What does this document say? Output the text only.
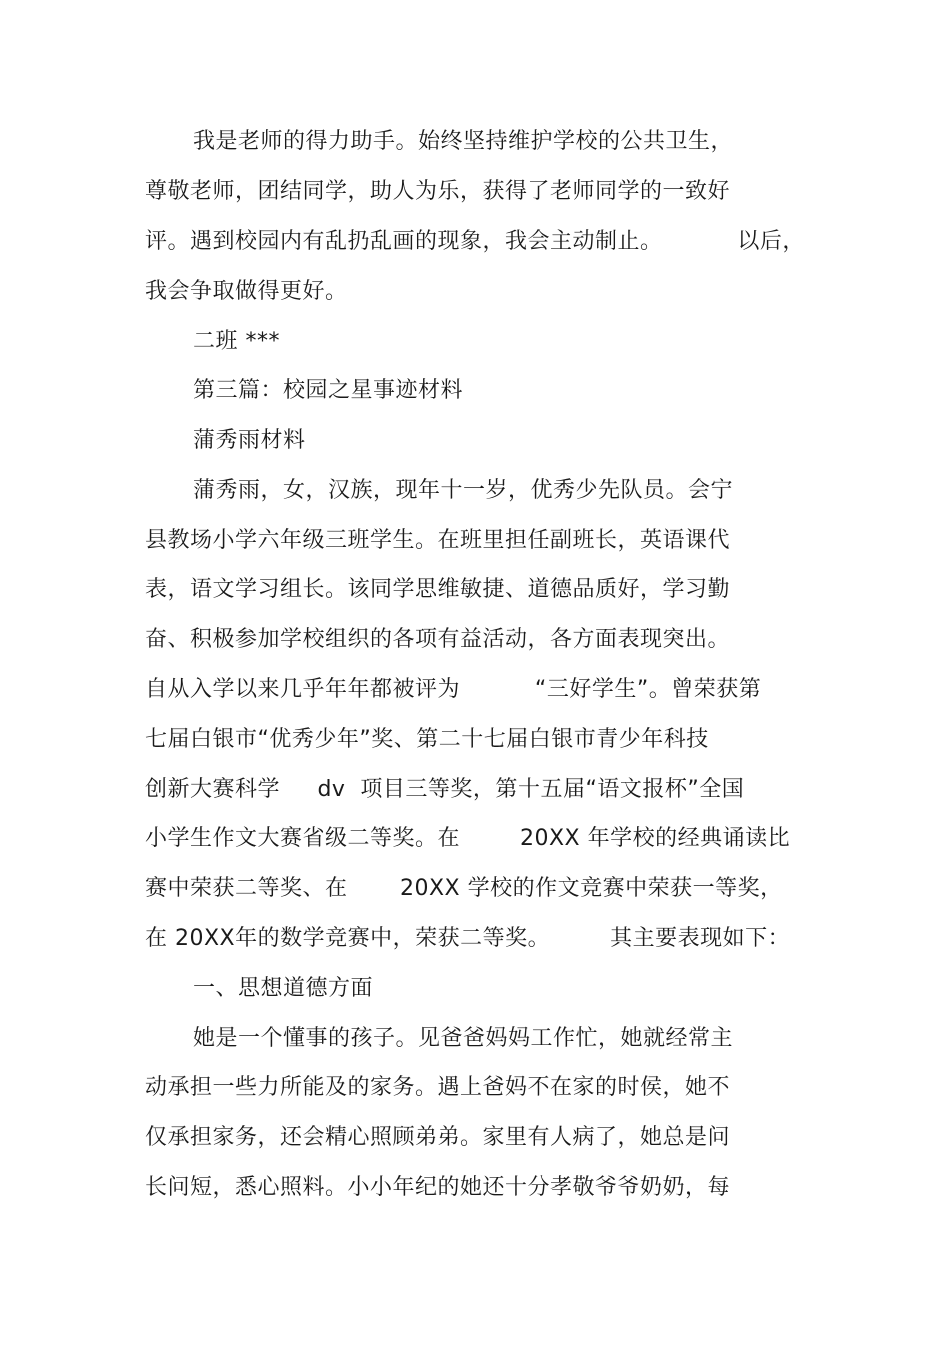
我是老师的得力助手。始终坚持维护学校的公共卫生，
尊敬老师，团结同学，助人为乐，获得了老师同学的一致好
评。遇到校园内有乱扔乱画的现象，我会主动制止。          以后，
我会争取做得更好。
二班 ***
第三篇：校园之星事迹材料
蒲秀雨材料
蒲秀雨，女，汉族，现年十一岁，优秀少先队员。会宁
县教场小学六年级三班学生。在班里担任副班长，英语课代
表，语文学习组长。该同学思维敏捷、道德品质好，学习勤
奋、积极参加学校组织的各项有益活动，各方面表现突出。
自从入学以来几乎年年都被评为          “三好学生”。曾荣获第
七届白银市“优秀少年”奖、第二十七届白银市青少年科技
创新大赛科学     dv  项目三等奖，第十五届“语文报杯”全国
小学生作文大赛省级二等奖。在        20XX 年学校的经典诵读比
赛中荣获二等奖、在       20XX 学校的作文竞赛中荣获一等奖，
在 20XX年的数学竞赛中，荣获二等奖。        其主要表现如下：
一、思想道德方面
她是一个懂事的孩子。见爸爸妈妈工作忙，她就经常主
动承担一些力所能及的家务。遇上爸妈不在家的时侯，她不
仅承担家务，还会精心照顾弟弟。家里有人病了，她总是问
长问短，悉心照料。小小年纪的她还十分孝敬爷爷奶奶，每
